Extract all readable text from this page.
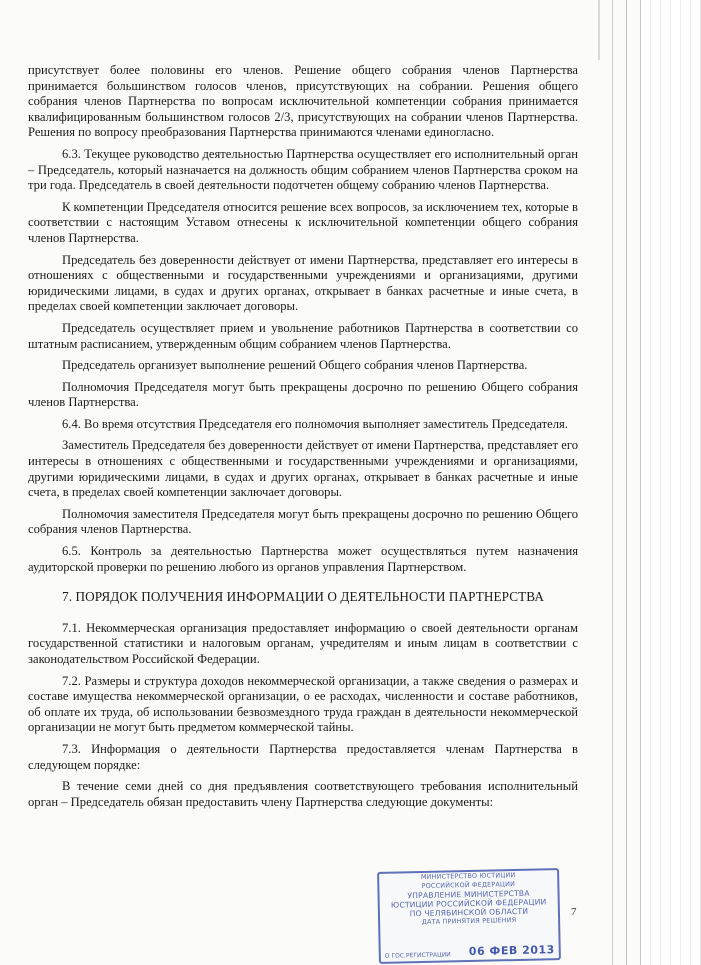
присутствует более половины его членов. Решение общего собрания членов Партнерства принимается большинством голосов членов, присутствующих на собрании. Решения общего собрания членов Партнерства по вопросам исключительной компетенции собрания принимается квалифицированным большинством голосов 2/3, присутствующих на собрании членов Партнерства. Решения по вопросу преобразования Партнерства принимаются членами единогласно.

6.3. Текущее руководство деятельностью Партнерства осуществляет его исполнительный орган – Председатель, который назначается на должность общим собранием членов Партнерства сроком на три года. Председатель в своей деятельности подотчетен общему собранию членов Партнерства.

К компетенции Председателя относится решение всех вопросов, за исключением тех, которые в соответствии с настоящим Уставом отнесены к исключительной компетенции общего собрания членов Партнерства.

Председатель без доверенности действует от имени Партнерства, представляет его интересы в отношениях с общественными и государственными учреждениями и организациями, другими юридическими лицами, в судах и других органах, открывает в банках расчетные и иные счета, в пределах своей компетенции заключает договоры.

Председатель осуществляет прием и увольнение работников Партнерства в соответствии со штатным расписанием, утвержденным общим собранием членов Партнерства.

Председатель организует выполнение решений Общего собрания членов Партнерства.

Полномочия Председателя могут быть прекращены досрочно по решению Общего собрания членов Партнерства.

6.4. Во время отсутствия Председателя его полномочия выполняет заместитель Председателя.

Заместитель Председателя без доверенности действует от имени Партнерства, представляет его интересы в отношениях с общественными и государственными учреждениями и организациями, другими юридическими лицами, в судах и других органах, открывает в банках расчетные и иные счета, в пределах своей компетенции заключает договоры.

Полномочия заместителя Председателя могут быть прекращены досрочно по решению Общего собрания членов Партнерства.

6.5. Контроль за деятельностью Партнерства может осуществляться путем назначения аудиторской проверки по решению любого из органов управления Партнерством.

7. ПОРЯДОК ПОЛУЧЕНИЯ ИНФОРМАЦИИ О ДЕЯТЕЛЬНОСТИ ПАРТНЕРСТВА

7.1. Некоммерческая организация предоставляет информацию о своей деятельности органам государственной статистики и налоговым органам, учредителям и иным лицам в соответствии с законодательством Российской Федерации.

7.2. Размеры и структура доходов некоммерческой организации, а также сведения о размерах и составе имущества некоммерческой организации, о ее расходах, численности и составе работников, об оплате их труда, об использовании безвозмездного труда граждан в деятельности некоммерческой организации не могут быть предметом коммерческой тайны.

7.3. Информация о деятельности Партнерства предоставляется членам Партнерства в следующем порядке:

В течение семи дней со дня предъявления соответствующего требования исполнительный орган – Председатель обязан предоставить члену Партнерства следующие документы:

7
МИНИСТЕРСТВО ЮСТИЦИИ
РОССИЙСКОЙ ФЕДЕРАЦИИ
УПРАВЛЕНИЕ МИНИСТЕРСТВА
ЮСТИЦИИ РОССИЙСКОЙ ФЕДЕРАЦИИ
ПО ЧЕЛЯБИНСКОЙ ОБЛАСТИ
ДАТА ПРИНЯТИЯ РЕШЕНИЯ
О ГОС.РЕГИСТРАЦИИ 06 ФЕВ 2013
